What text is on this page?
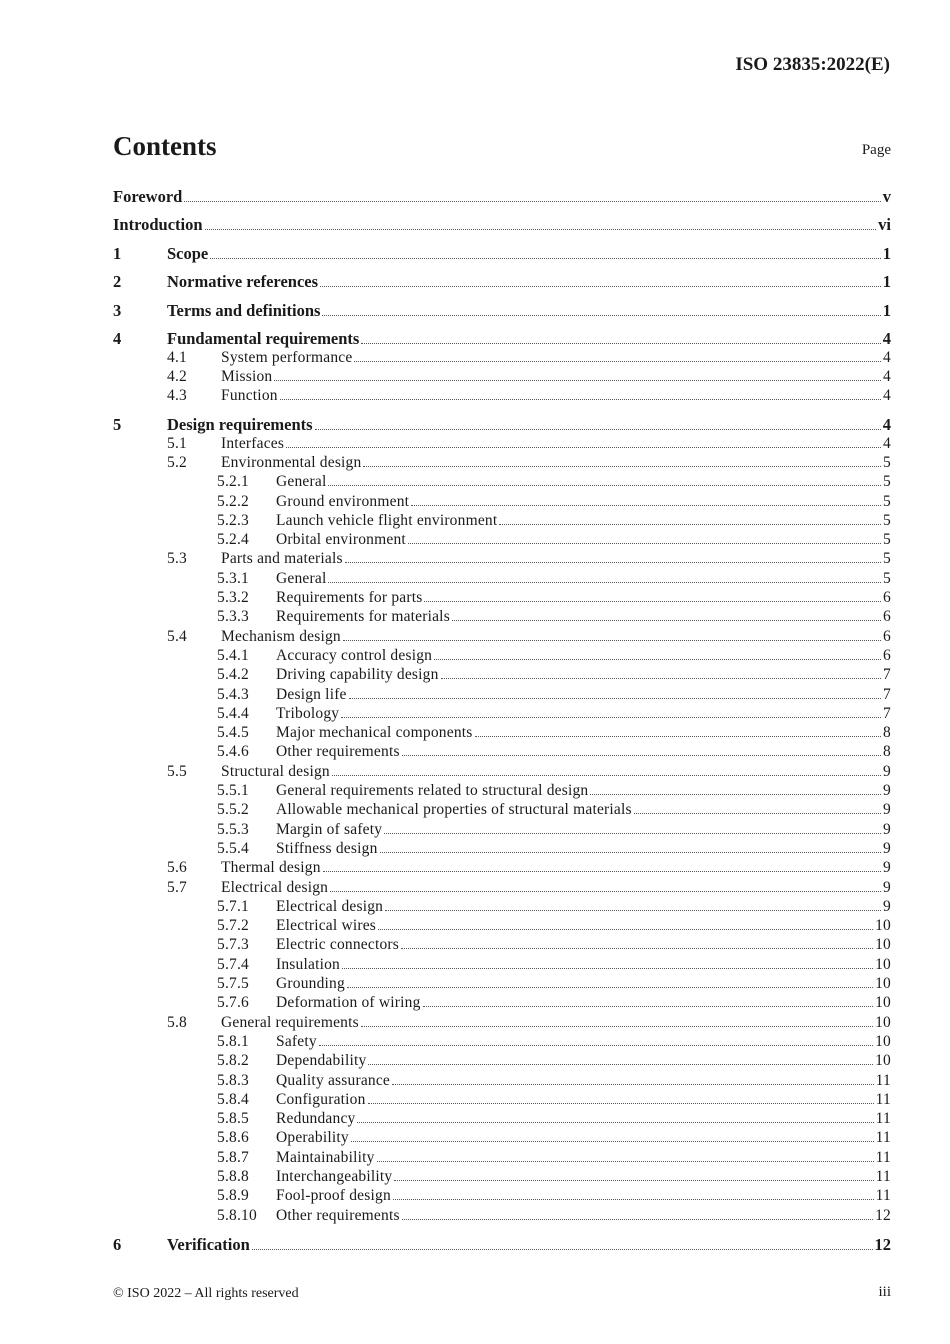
ISO 23835:2022(E)
Contents	Page
Foreword	v
Introduction	vi
1	Scope	1
2	Normative references	1
3	Terms and definitions	1
4	Fundamental requirements	4
4.1	System performance	4
4.2	Mission	4
4.3	Function	4
5	Design requirements	4
5.1	Interfaces	4
5.2	Environmental design	5
5.2.1	General	5
5.2.2	Ground environment	5
5.2.3	Launch vehicle flight environment	5
5.2.4	Orbital environment	5
5.3	Parts and materials	5
5.3.1	General	5
5.3.2	Requirements for parts	6
5.3.3	Requirements for materials	6
5.4	Mechanism design	6
5.4.1	Accuracy control design	6
5.4.2	Driving capability design	7
5.4.3	Design life	7
5.4.4	Tribology	7
5.4.5	Major mechanical components	8
5.4.6	Other requirements	8
5.5	Structural design	9
5.5.1	General requirements related to structural design	9
5.5.2	Allowable mechanical properties of structural materials	9
5.5.3	Margin of safety	9
5.5.4	Stiffness design	9
5.6	Thermal design	9
5.7	Electrical design	9
5.7.1	Electrical design	9
5.7.2	Electrical wires	10
5.7.3	Electric connectors	10
5.7.4	Insulation	10
5.7.5	Grounding	10
5.7.6	Deformation of wiring	10
5.8	General requirements	10
5.8.1	Safety	10
5.8.2	Dependability	10
5.8.3	Quality assurance	11
5.8.4	Configuration	11
5.8.5	Redundancy	11
5.8.6	Operability	11
5.8.7	Maintainability	11
5.8.8	Interchangeability	11
5.8.9	Fool-proof design	11
5.8.10	Other requirements	12
6	Verification	12
© ISO 2022 – All rights reserved	iii
